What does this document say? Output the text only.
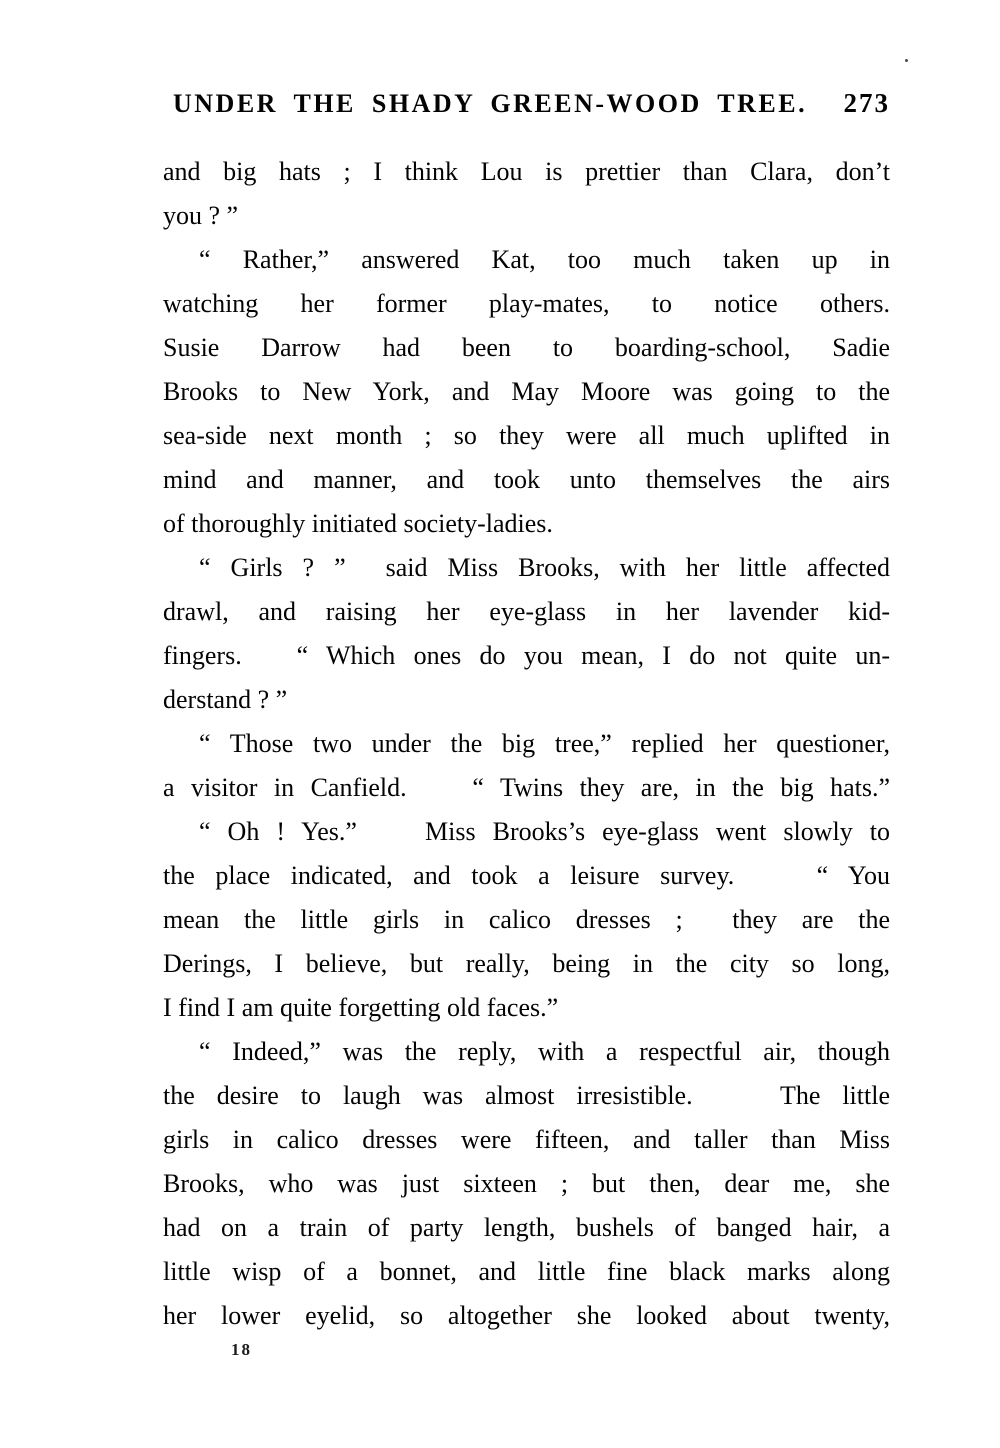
UNDER THE SHADY GREEN-WOOD TREE. 273
and big hats ; I think Lou is prettier than Clara, don’t
you ? ”
“ Rather,” answered Kat, too much taken up in
watching her former play-mates, to notice others.
Susie Darrow had been to boarding-school, Sadie
Brooks to New York, and May Moore was going to the
sea-side next month ; so they were all much uplifted in
mind and manner, and took unto themselves the airs
of thoroughly initiated society-ladies.
“ Girls ? ”  said Miss Brooks, with her little affected
drawl, and raising her eye-glass in her lavender kid-
fingers.   “ Which ones do you mean, I do not quite un-
derstand ? ”
“ Those two under the big tree,” replied her questioner,
a visitor in Canfield.    “ Twins they are, in the big hats.”
“ Oh ! Yes.”    Miss Brooks’s eye-glass went slowly to
the place indicated, and took a leisure survey.    “ You
mean the little girls in calico dresses ;  they are the
Derings, I believe, but really, being in the city so long,
I find I am quite forgetting old faces.”
“ Indeed,” was the reply, with a respectful air, though
the desire to laugh was almost irresistible.    The little
girls in calico dresses were fifteen, and taller than Miss
Brooks, who was just sixteen ; but then, dear me, she
had on a train of party length, bushels of banged hair, a
little wisp of a bonnet, and little fine black marks along
her lower eyelid, so altogether she looked about twenty,
18
